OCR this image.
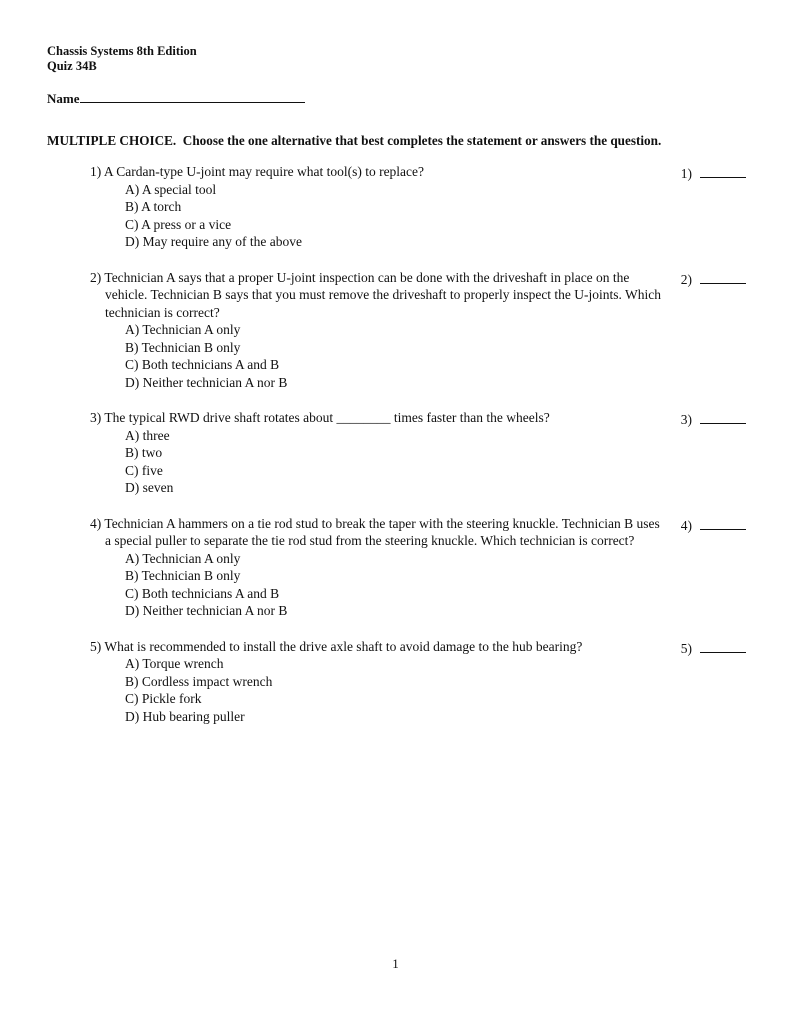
Chassis Systems 8th Edition
Quiz 34B
Name
MULTIPLE CHOICE.  Choose the one alternative that best completes the statement or answers the question.
1) A Cardan-type U-joint may require what tool(s) to replace?
A) A special tool
B) A torch
C) A press or a vice
D) May require any of the above
1)
2) Technician A says that a proper U-joint inspection can be done with the driveshaft in place on the vehicle. Technician B says that you must remove the driveshaft to properly inspect the U-joints. Which technician is correct?
A) Technician A only
B) Technician B only
C) Both technicians A and B
D) Neither technician A nor B
2)
3) The typical RWD drive shaft rotates about ________ times faster than the wheels?
A) three
B) two
C) five
D) seven
3)
4) Technician A hammers on a tie rod stud to break the taper with the steering knuckle. Technician B uses a special puller to separate the tie rod stud from the steering knuckle. Which technician is correct?
A) Technician A only
B) Technician B only
C) Both technicians A and B
D) Neither technician A nor B
4)
5) What is recommended to install the drive axle shaft to avoid damage to the hub bearing?
A) Torque wrench
B) Cordless impact wrench
C) Pickle fork
D) Hub bearing puller
5)
1
